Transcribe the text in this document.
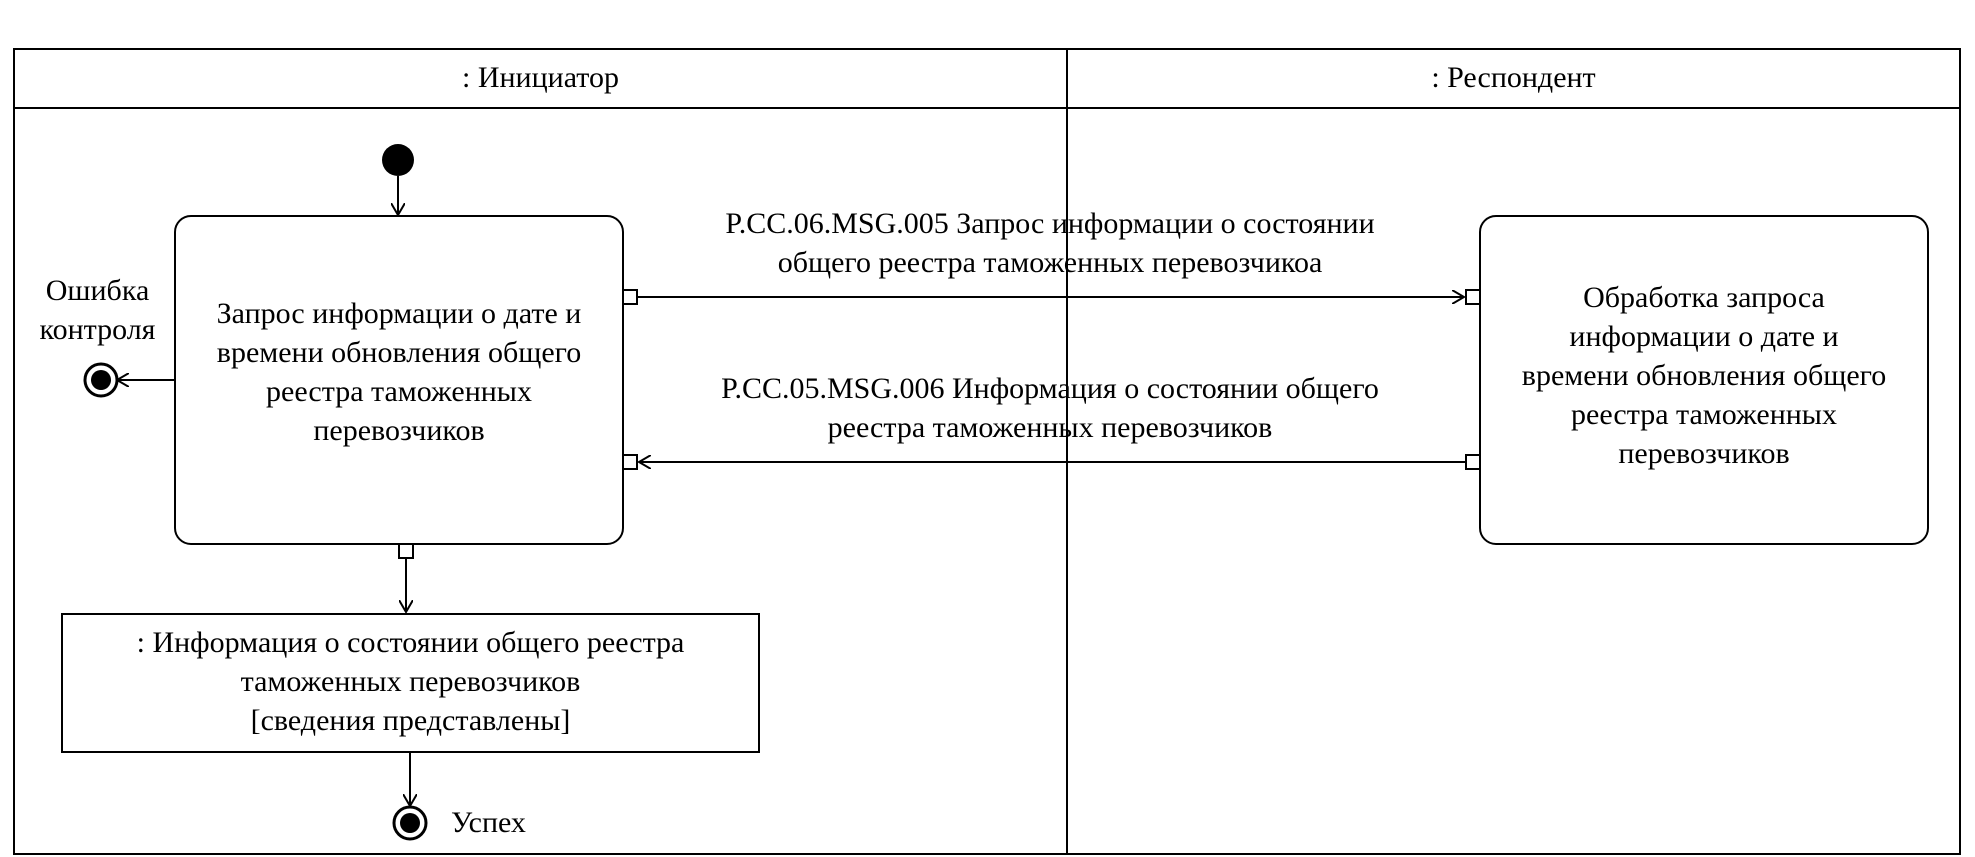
: Инициатор	: Респондент
Запрос информации о дате и
времени обновления общего
реестра таможенных
перевозчиков
Обработка запроса
информации о дате и
времени обновления общего
реестра таможенных
перевозчиков
P.CC.06.MSG.005 Запрос информации о состоянии
общего реестра таможенных перевозчикоа
P.CC.05.MSG.006 Информация о состоянии общего
реестра таможенных перевозчиков
Ошибка
контроля
: Информация о состоянии общего реестра
таможенных перевозчиков
[сведения представлены]
Успех
